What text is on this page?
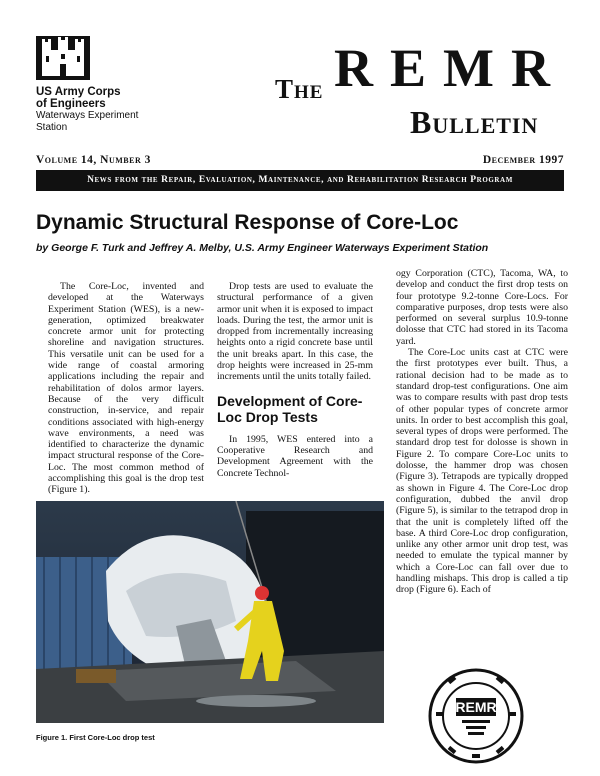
US Army Corps
of Engineers
Waterways Experiment
Station
The REMR
Bulletin
Volume 14, Number 3	December 1997
News from the Repair, Evaluation, Maintenance, and Rehabilitation Research Program
Dynamic Structural Response of Core-Loc
by George F. Turk and Jeffrey A. Melby, U.S. Army Engineer Waterways Experiment Station

The Core-Loc, invented and developed at the Waterways Experiment Station (WES), is a new-generation, optimized breakwater concrete armor unit for protecting shoreline and navigation structures. This versatile unit can be used for a wide range of coastal armoring applications including the repair and rehabilitation of dolos armor layers. Because of the very difficult construction, in-service, and repair conditions associated with high-energy wave environments, a need was identified to characterize the dynamic impact structural response of the Core-Loc. The most common method of accomplishing this goal is the drop test (Figure 1).

Drop tests are used to evaluate the structural performance of a given armor unit when it is exposed to impact loads. During the test, the armor unit is dropped from incrementally increasing heights onto a rigid concrete base until the unit breaks apart. In this case, the drop heights were increased in 25-mm increments until the units totally failed.

Development of Core-Loc Drop Tests

In 1995, WES entered into a Cooperative Research and Development Agreement with the Concrete Technol-

ogy Corporation (CTC), Tacoma, WA, to develop and conduct the first drop tests on four prototype 9.2-tonne Core-Locs. For comparative purposes, drop tests were also performed on several surplus 10.9-tonne dolosse that CTC had stored in its Tacoma yard.

The Core-Loc units cast at CTC were the first prototypes ever built. Thus, a rational decision had to be made as to standard drop-test configurations. One aim was to compare results with past drop tests of other popular types of concrete armor units. In order to best accomplish this goal, several types of drops were performed. The standard drop test for dolosse is shown in Figure 2. To compare Core-Loc units to dolosse, the hammer drop was chosen (Figure 3). Tetrapods are typically dropped as shown in Figure 4. The Core-Loc drop configuration, dubbed the anvil drop (Figure 5), is similar to the tetrapod drop in that the unit is completely lifted off the base. A third Core-Loc drop configuration, unlike any other armor unit drop test, was needed to emulate the typical manner by which a Core-Loc can fall over due to handling mishaps. This drop is called a tip drop (Figure 6). Each of

Figure 1. First Core-Loc drop test
REMR
